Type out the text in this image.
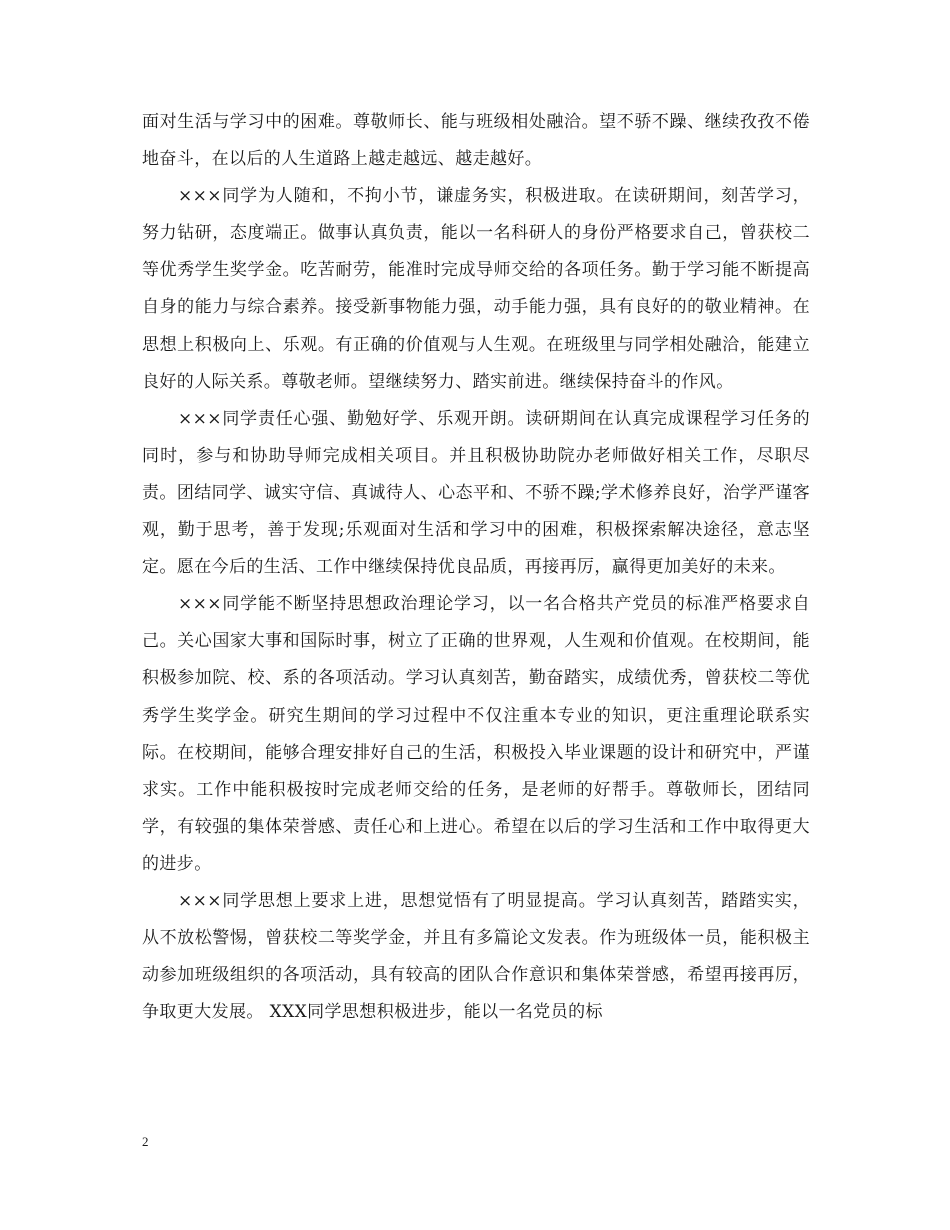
面对生活与学习中的困难。尊敬师长、能与班级相处融洽。望不骄不躁、继续孜孜不倦地奋斗，在以后的人生道路上越走越远、越走越好。

×××同学为人随和，不拘小节，谦虚务实，积极进取。在读研期间，刻苦学习，努力钻研，态度端正。做事认真负责，能以一名科研人的身份严格要求自己，曾获校二等优秀学生奖学金。吃苦耐劳，能准时完成导师交给的各项任务。勤于学习能不断提高自身的能力与综合素养。接受新事物能力强，动手能力强，具有良好的的敬业精神。在思想上积极向上、乐观。有正确的价值观与人生观。在班级里与同学相处融洽，能建立良好的人际关系。尊敬老师。望继续努力、踏实前进。继续保持奋斗的作风。

×××同学责任心强、勤勉好学、乐观开朗。读研期间在认真完成课程学习任务的同时，参与和协助导师完成相关项目。并且积极协助院办老师做好相关工作，尽职尽责。团结同学、诚实守信、真诚待人、心态平和、不骄不躁;学术修养良好，治学严谨客观，勤于思考，善于发现;乐观面对生活和学习中的困难，积极探索解决途径，意志坚定。愿在今后的生活、工作中继续保持优良品质，再接再厉，赢得更加美好的未来。

×××同学能不断坚持思想政治理论学习，以一名合格共产党员的标准严格要求自己。关心国家大事和国际时事，树立了正确的世界观，人生观和价值观。在校期间，能积极参加院、校、系的各项活动。学习认真刻苦，勤奋踏实，成绩优秀，曾获校二等优秀学生奖学金。研究生期间的学习过程中不仅注重本专业的知识，更注重理论联系实际。在校期间，能够合理安排好自己的生活，积极投入毕业课题的设计和研究中，严谨求实。工作中能积极按时完成老师交给的任务，是老师的好帮手。尊敬师长，团结同学，有较强的集体荣誉感、责任心和上进心。希望在以后的学习生活和工作中取得更大的进步。

×××同学思想上要求上进，思想觉悟有了明显提高。学习认真刻苦，踏踏实实，从不放松警惕，曾获校二等奖学金，并且有多篇论文发表。作为班级体一员，能积极主动参加班级组织的各项活动，具有较高的团队合作意识和集体荣誉感，希望再接再厉，争取更大发展。 XXX同学思想积极进步，能以一名党员的标

2
